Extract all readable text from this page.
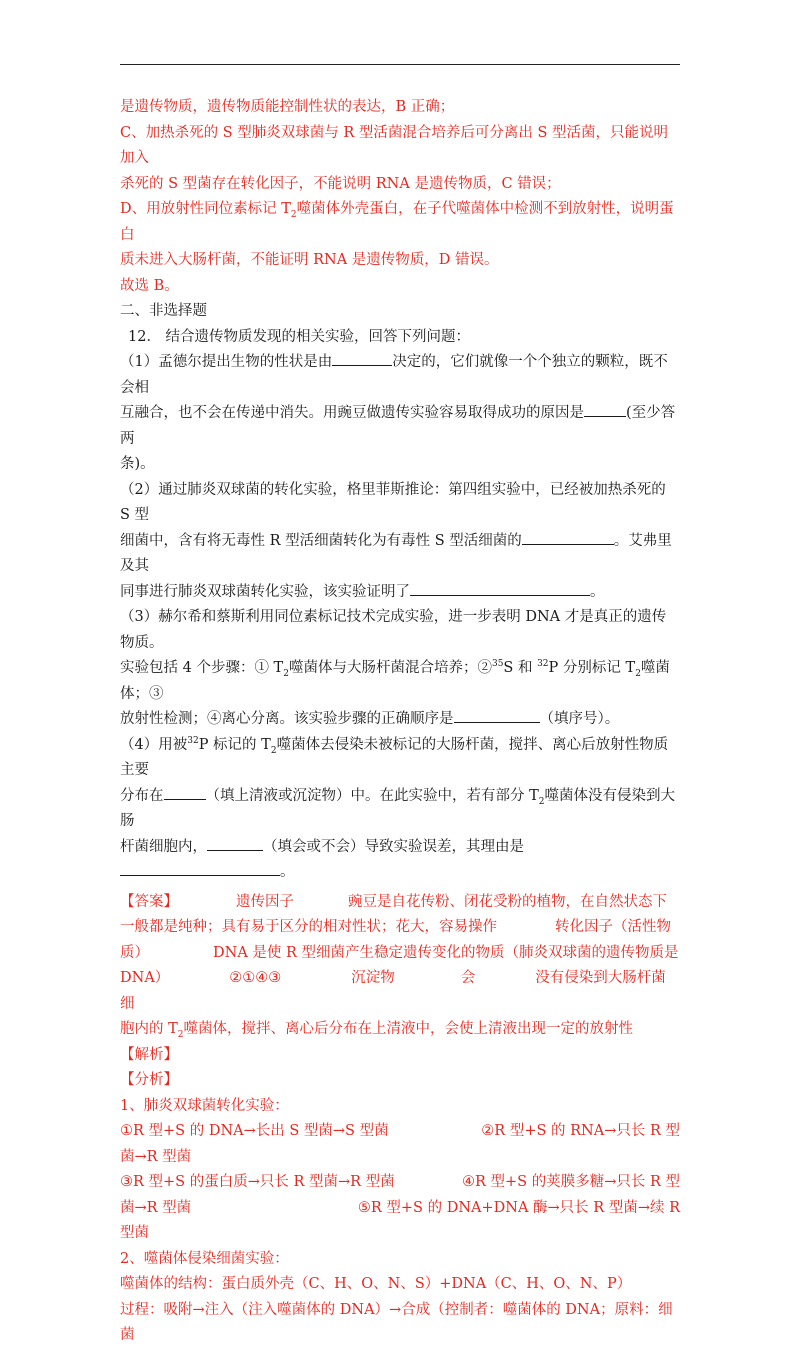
是遗传物质，遗传物质能控制性状的表达，B 正确；

C、加热杀死的 S 型肺炎双球菌与 R 型活菌混合培养后可分离出 S 型活菌，只能说明加入

杀死的 S 型菌存在转化因子，不能说明 RNA 是遗传物质，C 错误；

D、用放射性同位素标记 $T_2$噬菌体外壳蛋白，在子代噬菌体中检测不到放射性，说明蛋白

质未进入大肠杆菌，不能证明 RNA 是遗传物质，D 错误。

故选 B。

二、非选择题

12． 结合遗传物质发现的相关实验，回答下列问题：

（1）孟德尔提出生物的性状是由	决定的，它们就像一个个独立的颗粒，既不会相

互融合，也不会在传递中消失。用豌豆做遗传实验容易取得成功的原因是	(至少答两

条)。

（2）通过肺炎双球菌的转化实验，格里菲斯推论：第四组实验中，已经被加热杀死的 S 型

细菌中，含有将无毒性 R 型活细菌转化为有毒性 S 型活细菌的	。艾弗里及其

同事进行肺炎双球菌转化实验，该实验证明了	。

（3）赫尔希和蔡斯利用同位素标记技术完成实验，进一步表明 DNA 才是真正的遗传物质。

实验包括 4 个步骤：① $T_2$噬菌体与大肠杆菌混合培养；②$^{35}$S 和 $^{32}$P 分别标记 $T_2$噬菌体；③

放射性检测；④离心分离。该实验步骤的正确顺序是	（填序号）。

（4）用被$^{32}$P 标记的 $T_2$噬菌体去侵染未被标记的大肠杆菌，搅拌、离心后放射性物质主要

分布在	（填上清液或沉淀物）中。在此实验中，若有部分 $T_2$噬菌体没有侵染到大肠

杆菌细胞内，	（填会或不会）导致实验误差，其理由是

。

【答案】	遗传因子	豌豆是自花传粉、闭花受粉的植物，在自然状态下

一般都是纯种；具有易于区分的相对性状；花大，容易操作	转化因子（活性物

质）	DNA 是使 R 型细菌产生稳定遗传变化的物质（肺炎双球菌的遗传物质是

DNA）	②①④③	沉淀物	会	没有侵染到大肠杆菌细

胞内的 $T_2$噬菌体，搅拌、离心后分布在上清液中，会使上清液出现一定的放射性

【解析】

【分析】

1、肺炎双球菌转化实验：

①R 型+S 的 DNA→长出 S 型菌→S 型菌	②R 型+S 的 RNA→只长 R 型

菌→R 型菌

③R 型+S 的蛋白质→只长 R 型菌→R 型菌	④R 型+S 的荚膜多糖→只长 R 型

菌→R 型菌	⑤R 型+S 的 DNA+DNA 酶→只长 R 型菌→续 R

型菌

2、噬菌体侵染细菌实验：

噬菌体的结构：蛋白质外壳（C、H、O、N、S）+DNA（C、H、O、N、P）

过程：吸附→注入（注入噬菌体的 DNA）→合成（控制者：噬菌体的 DNA；原料：细菌
